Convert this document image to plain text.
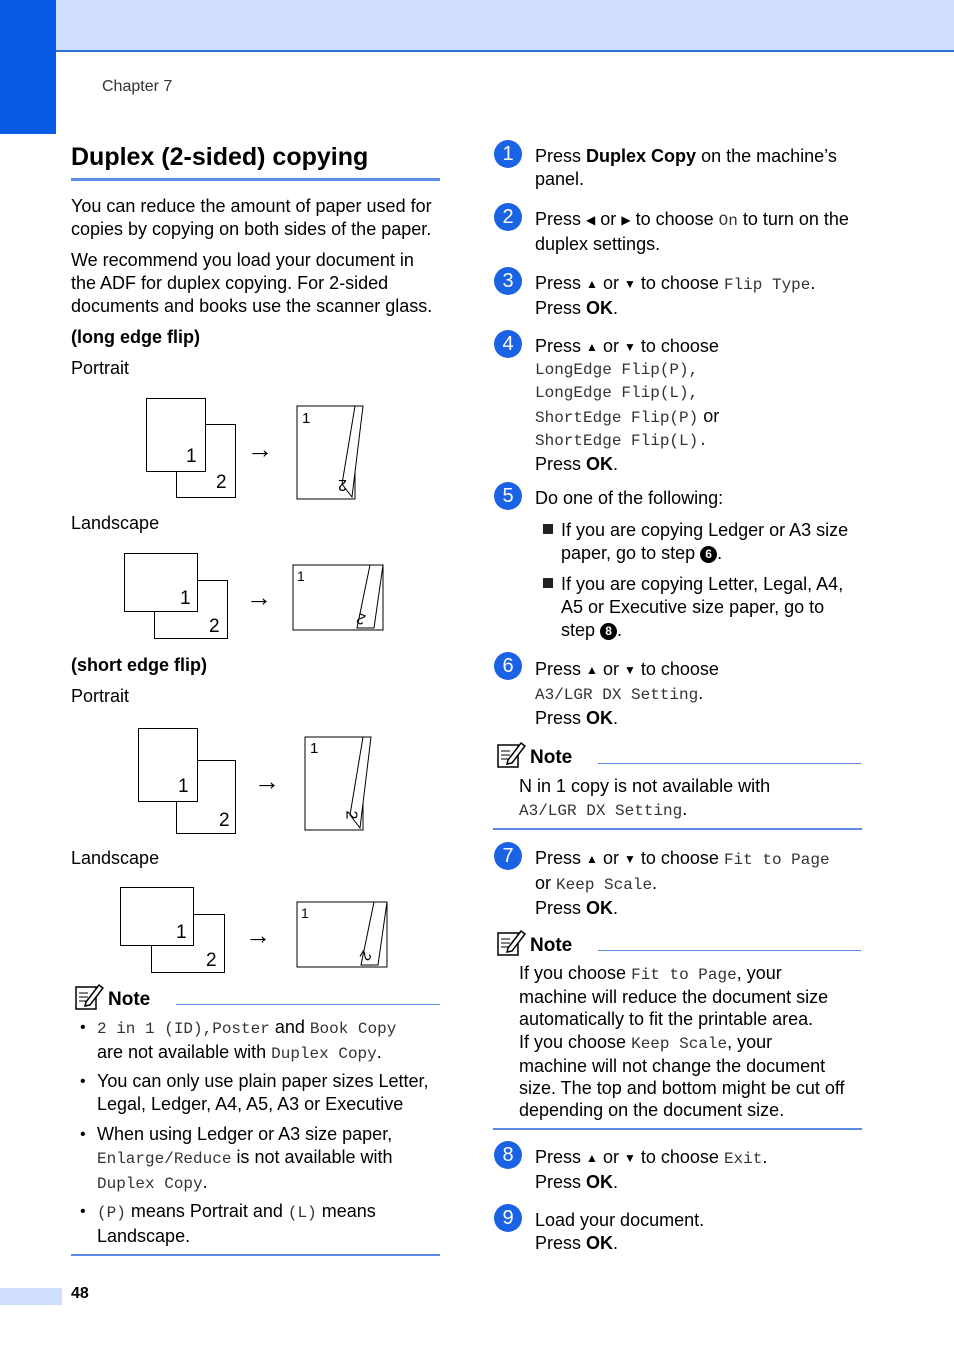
Chapter 7
Duplex (2-sided) copying
You can reduce the amount of paper used for
copies by copying on both sides of the paper.
We recommend you load your document in
the ADF for duplex copying. For 2-sided
documents and books use the scanner glass.
(long edge flip)
Portrait
1
2
→
1
2
Landscape
1
2
→
1
2
(short edge flip)
Portrait
1
2
→
1
2
Landscape
1
2
→
1
2
Note
• 2 in 1 (ID),Poster and Book Copy
are not available with Duplex Copy.
• You can only use plain paper sizes Letter,
Legal, Ledger, A4, A5, A3 or Executive
• When using Ledger or A3 size paper,
Enlarge/Reduce is not available with
Duplex Copy.
• (P) means Portrait and (L) means
Landscape.
1	Press Duplex Copy on the machine’s
panel.
2	Press ◀ or ▶ to choose On to turn on the
duplex settings.
3	Press ▲ or ▼ to choose Flip Type.
Press OK.
4	Press ▲ or ▼ to choose
LongEdge Flip(P),
LongEdge Flip(L),
ShortEdge Flip(P) or
ShortEdge Flip(L).
Press OK.
5	Do one of the following:
If you are copying Ledger or A3 size
paper, go to step 6 .
If you are copying Letter, Legal, A4,
A5 or Executive size paper, go to
step 8 .
6	Press ▲ or ▼ to choose
A3/LGR DX Setting.
Press OK.
Note
N in 1 copy is not available with
A3/LGR DX Setting.
7	Press ▲ or ▼ to choose Fit to Page
or Keep Scale.
Press OK.
Note
If you choose Fit to Page, your
machine will reduce the document size
automatically to fit the printable area.
If you choose Keep Scale, your
machine will not change the document
size. The top and bottom might be cut off
depending on the document size.
8	Press ▲ or ▼ to choose Exit.
Press OK.
9	Load your document.
Press OK.
48
